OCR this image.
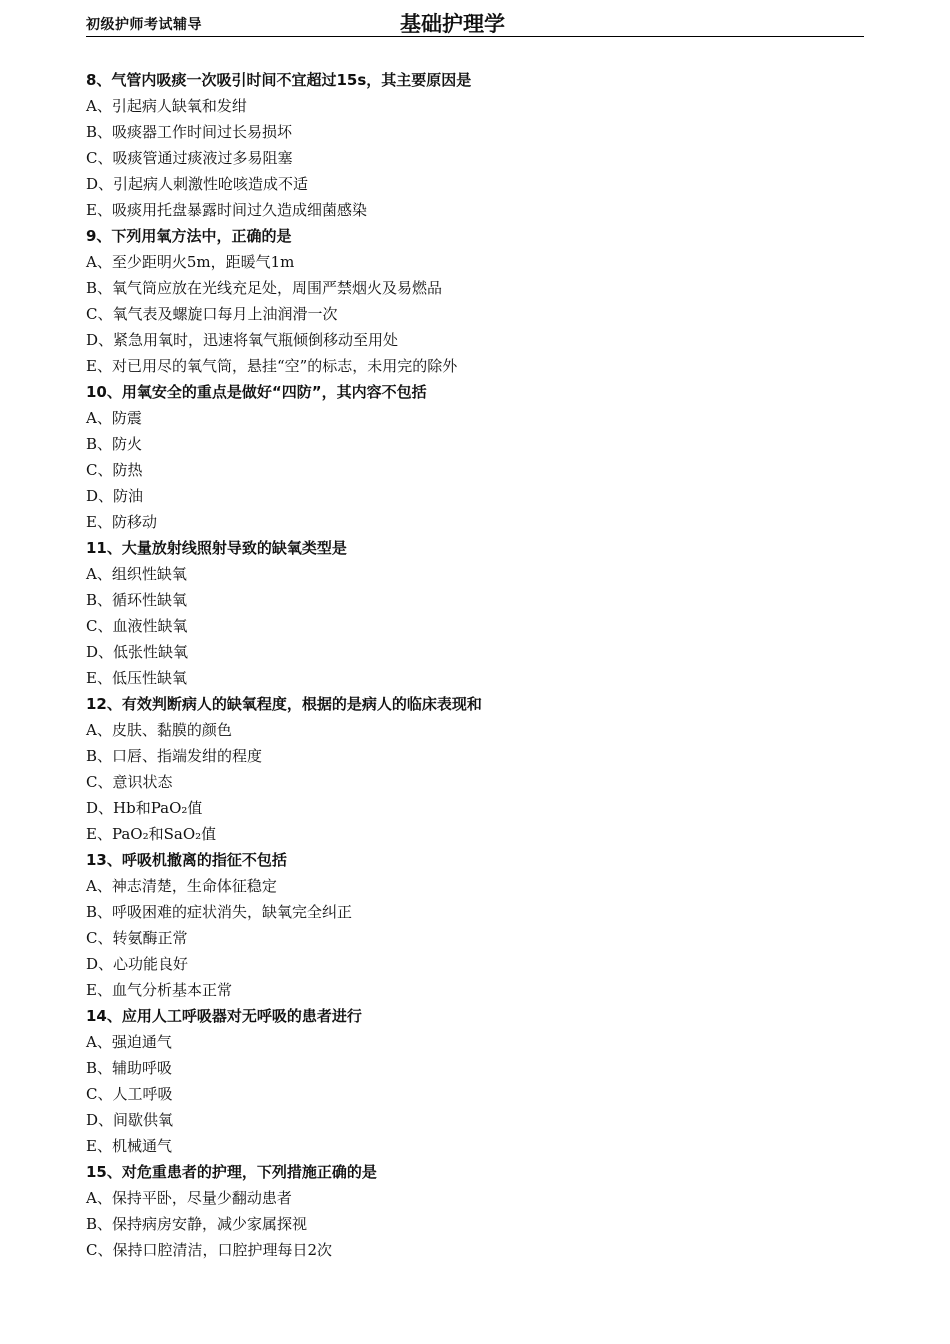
初级护师考试辅导	基础护理学
8、气管内吸痰一次吸引时间不宜超过15s，其主要原因是
A、引起病人缺氧和发绀
B、吸痰器工作时间过长易损坏
C、吸痰管通过痰液过多易阻塞
D、引起病人刺激性呛咳造成不适
E、吸痰用托盘暴露时间过久造成细菌感染
9、下列用氧方法中，正确的是
A、至少距明火5m，距暖气1m
B、氧气筒应放在光线充足处，周围严禁烟火及易燃品
C、氧气表及螺旋口每月上油润滑一次
D、紧急用氧时，迅速将氧气瓶倾倒移动至用处
E、对已用尽的氧气筒，悬挂“空”的标志，未用完的除外
10、用氧安全的重点是做好“四防”，其内容不包括
A、防震
B、防火
C、防热
D、防油
E、防移动
11、大量放射线照射导致的缺氧类型是
A、组织性缺氧
B、循环性缺氧
C、血液性缺氧
D、低张性缺氧
E、低压性缺氧
12、有效判断病人的缺氧程度，根据的是病人的临床表现和
A、皮肤、黏膜的颜色
B、口唇、指端发绀的程度
C、意识状态
D、Hb和PaO₂值
E、PaO₂和SaO₂值
13、呼吸机撤离的指征不包括
A、神志清楚，生命体征稳定
B、呼吸困难的症状消失，缺氧完全纠正
C、转氨酶正常
D、心功能良好
E、血气分析基本正常
14、应用人工呼吸器对无呼吸的患者进行
A、强迫通气
B、辅助呼吸
C、人工呼吸
D、间歇供氧
E、机械通气
15、对危重患者的护理，下列措施正确的是
A、保持平卧，尽量少翻动患者
B、保持病房安静，减少家属探视
C、保持口腔清洁，口腔护理每日2次
